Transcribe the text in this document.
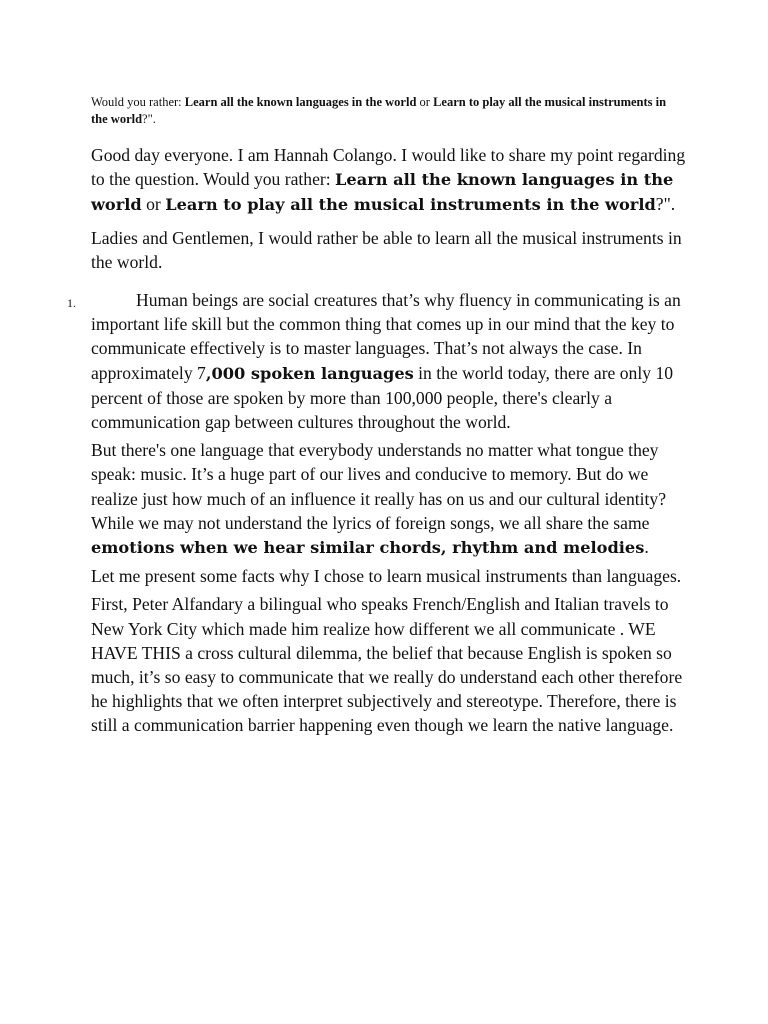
Would you rather: Learn all the known languages in the world or Learn to play all the musical instruments in the world?".

Good day everyone. I am Hannah Colango. I would like to share my point regarding to the question. Would you rather: Learn all the known languages in the world or Learn to play all the musical instruments in the world?".

Ladies and Gentlemen, I would rather be able to learn all the musical instruments in the world.

1.	Human beings are social creatures that’s why fluency in communicating is an important life skill but the common thing that comes up in our mind that the key to communicate effectively is to master languages. That’s not always the case. In approximately 7,000 spoken languages in the world today, there are only 10 percent of those are spoken by more than 100,000 people, there's clearly a communication gap between cultures throughout the world.

But there's one language that everybody understands no matter what tongue they speak: music. It’s a huge part of our lives and conducive to memory. But do we realize just how much of an influence it really has on us and our cultural identity? While we may not understand the lyrics of foreign songs, we all share the same emotions when we hear similar chords, rhythm and melodies.

Let me present some facts why I chose to learn musical instruments than languages.

First, Peter Alfandary a bilingual who speaks French/English and Italian travels to New York City which made him realize how different we all communicate . WE HAVE THIS a cross cultural dilemma, the belief that because English is spoken so much, it’s so easy to communicate that we really do understand each other therefore he highlights that we often interpret subjectively and stereotype. Therefore, there is still a communication barrier happening even though we learn the native language.
